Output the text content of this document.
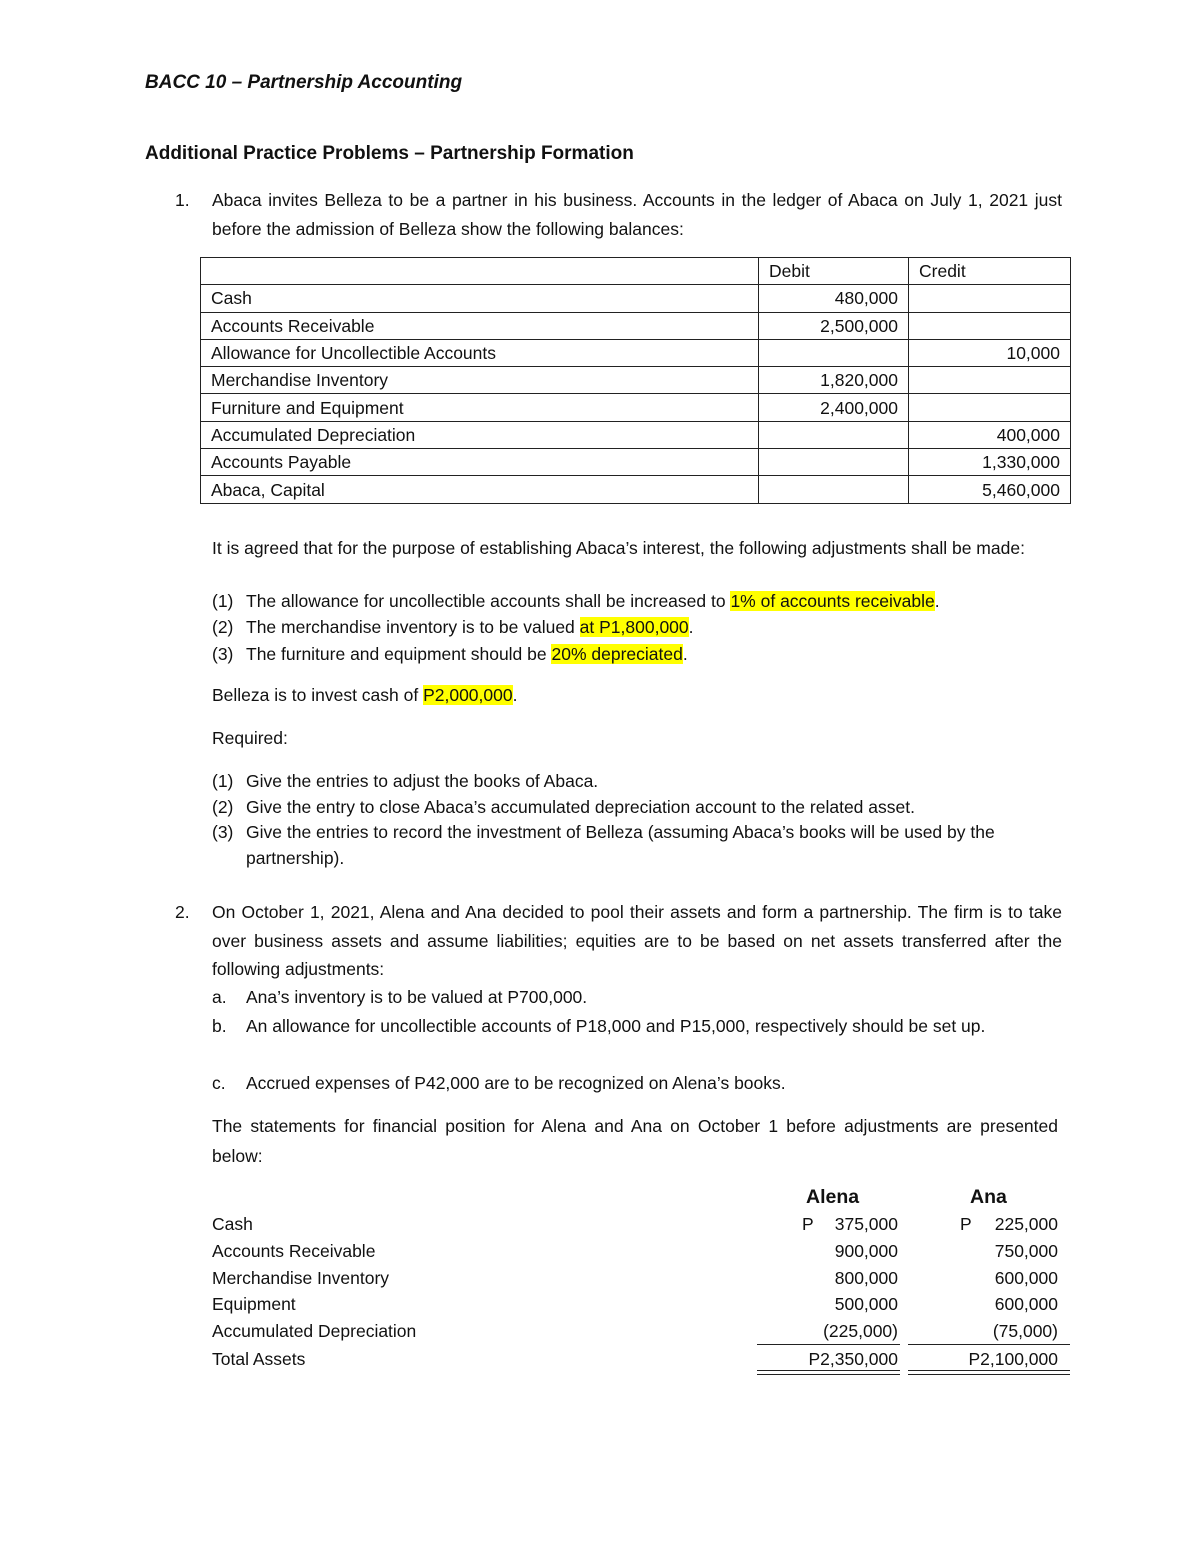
BACC 10 – Partnership Accounting
Additional Practice Problems – Partnership Formation
1.	Abaca invites Belleza to be a partner in his business. Accounts in the ledger of Abaca on July 1, 2021 just before the admission of Belleza show the following balances:
	Debit	Credit
Cash	480,000	
Accounts Receivable	2,500,000	
Allowance for Uncollectible Accounts		10,000
Merchandise Inventory	1,820,000	
Furniture and Equipment	2,400,000	
Accumulated Depreciation		400,000
Accounts Payable		1,330,000
Abaca, Capital		5,460,000
It is agreed that for the purpose of establishing Abaca’s interest, the following adjustments shall be made:
(1) The allowance for uncollectible accounts shall be increased to 1% of accounts receivable.
(2) The merchandise inventory is to be valued at P1,800,000.
(3) The furniture and equipment should be 20% depreciated.
Belleza is to invest cash of P2,000,000.
Required:
(1) Give the entries to adjust the books of Abaca.
(2) Give the entry to close Abaca’s accumulated depreciation account to the related asset.
(3) Give the entries to record the investment of Belleza (assuming Abaca’s books will be used by the partnership).
2.	On October 1, 2021, Alena and Ana decided to pool their assets and form a partnership. The firm is to take over business assets and assume liabilities; equities are to be based on net assets transferred after the following adjustments:
a. Ana’s inventory is to be valued at P700,000.
b. An allowance for uncollectible accounts of P18,000 and P15,000, respectively should be set up.
c. Accrued expenses of P42,000 are to be recognized on Alena’s books.
The statements for financial position for Alena and Ana on October 1 before adjustments are presented below:
Alena	Ana
Cash	P	375,000	P	225,000
Accounts Receivable	900,000	750,000
Merchandise Inventory	800,000	600,000
Equipment	500,000	600,000
Accumulated Depreciation	(225,000)	(75,000)
Total Assets	P2,350,000	P2,100,000
